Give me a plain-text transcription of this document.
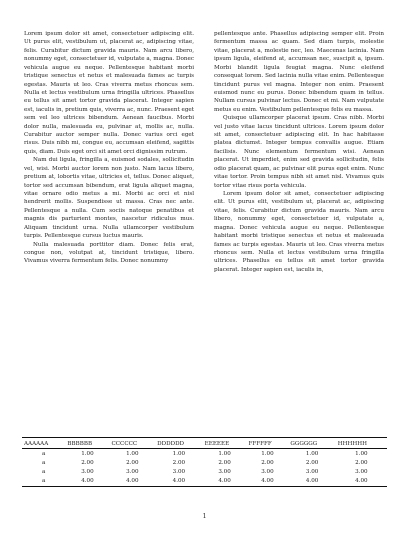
Lorem ipsum dolor sit amet, consectetuer adipiscing elit. Ut purus elit, vestibulum ut, placerat ac, adipiscing vitae, felis. Curabitur dictum gravida mauris. Nam arcu libero, nonummy eget, consectetuer id, vulputate a, magna. Donec vehicula augue eu neque. Pellentesque habitant morbi tristique senectus et netus et malesuada fames ac turpis egestas. Mauris ut leo. Cras viverra metus rhoncus sem. Nulla et lectus vestibulum urna fringilla ultrices. Phasellus eu tellus sit amet tortor gravida placerat. Integer sapien est, iaculis in, pretium quis, viverra ac, nunc. Praesent eget sem vel leo ultrices bibendum. Aenean faucibus. Morbi dolor nulla, malesuada eu, pulvinar at, mollis ac, nulla. Curabitur auctor semper nulla. Donec varius orci eget risus. Duis nibh mi, congue eu, accumsan eleifend, sagittis quis, diam. Duis eget orci sit amet orci dignissim rutrum.

Nam dui ligula, fringilla a, euismod sodales, sollicitudin vel, wisi. Morbi auctor lorem non justo. Nam lacus libero, pretium at, lobortis vitae, ultricies et, tellus. Donec aliquet, tortor sed accumsan bibendum, erat ligula aliquet magna, vitae ornare odio metus a mi. Morbi ac orci et nisl hendrerit mollis. Suspendisse ut massa. Cras nec ante. Pellentesque a nulla. Cum sociis natoque penatibus et magnis dis parturient montes, nascetur ridiculus mus. Aliquam tincidunt urna. Nulla ullamcorper vestibulum turpis. Pellentesque cursus luctus mauris.

Nulla malesuada porttitor diam. Donec felis erat, congue non, volutpat at, tincidunt tristique, libero. Vivamus viverra fermentum felis. Donec nonummy

pellentesque ante. Phasellus adipiscing semper elit. Proin fermentum massa ac quam. Sed diam turpis, molestie vitae, placerat a, molestie nec, leo. Maecenas lacinia. Nam ipsum ligula, eleifend at, accumsan nec, suscipit a, ipsum. Morbi blandit ligula feugiat magna. Nunc eleifend consequat lorem. Sed lacinia nulla vitae enim. Pellentesque tincidunt purus vel magna. Integer non enim. Praesent euismod nunc eu purus. Donec bibendum quam in tellus. Nullam cursus pulvinar lectus. Donec et mi. Nam vulputate metus eu enim. Vestibulum pellentesque felis eu massa.

Quisque ullamcorper placerat ipsum. Cras nibh. Morbi vel justo vitae lacus tincidunt ultrices. Lorem ipsum dolor sit amet, consectetuer adipiscing elit. In hac habitasse platea dictumst. Integer tempus convallis augue. Etiam facilisis. Nunc elementum fermentum wisi. Aenean placerat. Ut imperdiet, enim sed gravida sollicitudin, felis odio placerat quam, ac pulvinar elit purus eget enim. Nunc vitae tortor. Proin tempus nibh sit amet nisl. Vivamus quis tortor vitae risus porta vehicula.

Lorem ipsum dolor sit amet, consectetuer adipiscing elit. Ut purus elit, vestibulum ut, placerat ac, adipiscing vitae, felis. Curabitur dictum gravida mauris. Nam arcu libero, nonummy eget, consectetuer id, vulputate a, magna. Donec vehicula augue eu neque. Pellentesque habitant morbi tristique senectus et netus et malesuada fames ac turpis egestas. Mauris ut leo. Cras viverra metus rhoncus sem. Nulla et lectus vestibulum urna fringilla ultrices. Phasellus eu tellus sit amet tortor gravida placerat. Integer sapien est, iaculis in,

AAAAAA	BBBBBB	CCCCCC	DDDDDD	EEEEEE	FFFFFF	GGGGGG	HHHHHH
a	1.00	1.00	1.00	1.00	1.00	1.00	1.00
a	2.00	2.00	2.00	2.00	2.00	2.00	2.00
a	3.00	3.00	3.00	3.00	3.00	3.00	3.00
a	4.00	4.00	4.00	4.00	4.00	4.00	4.00
1
